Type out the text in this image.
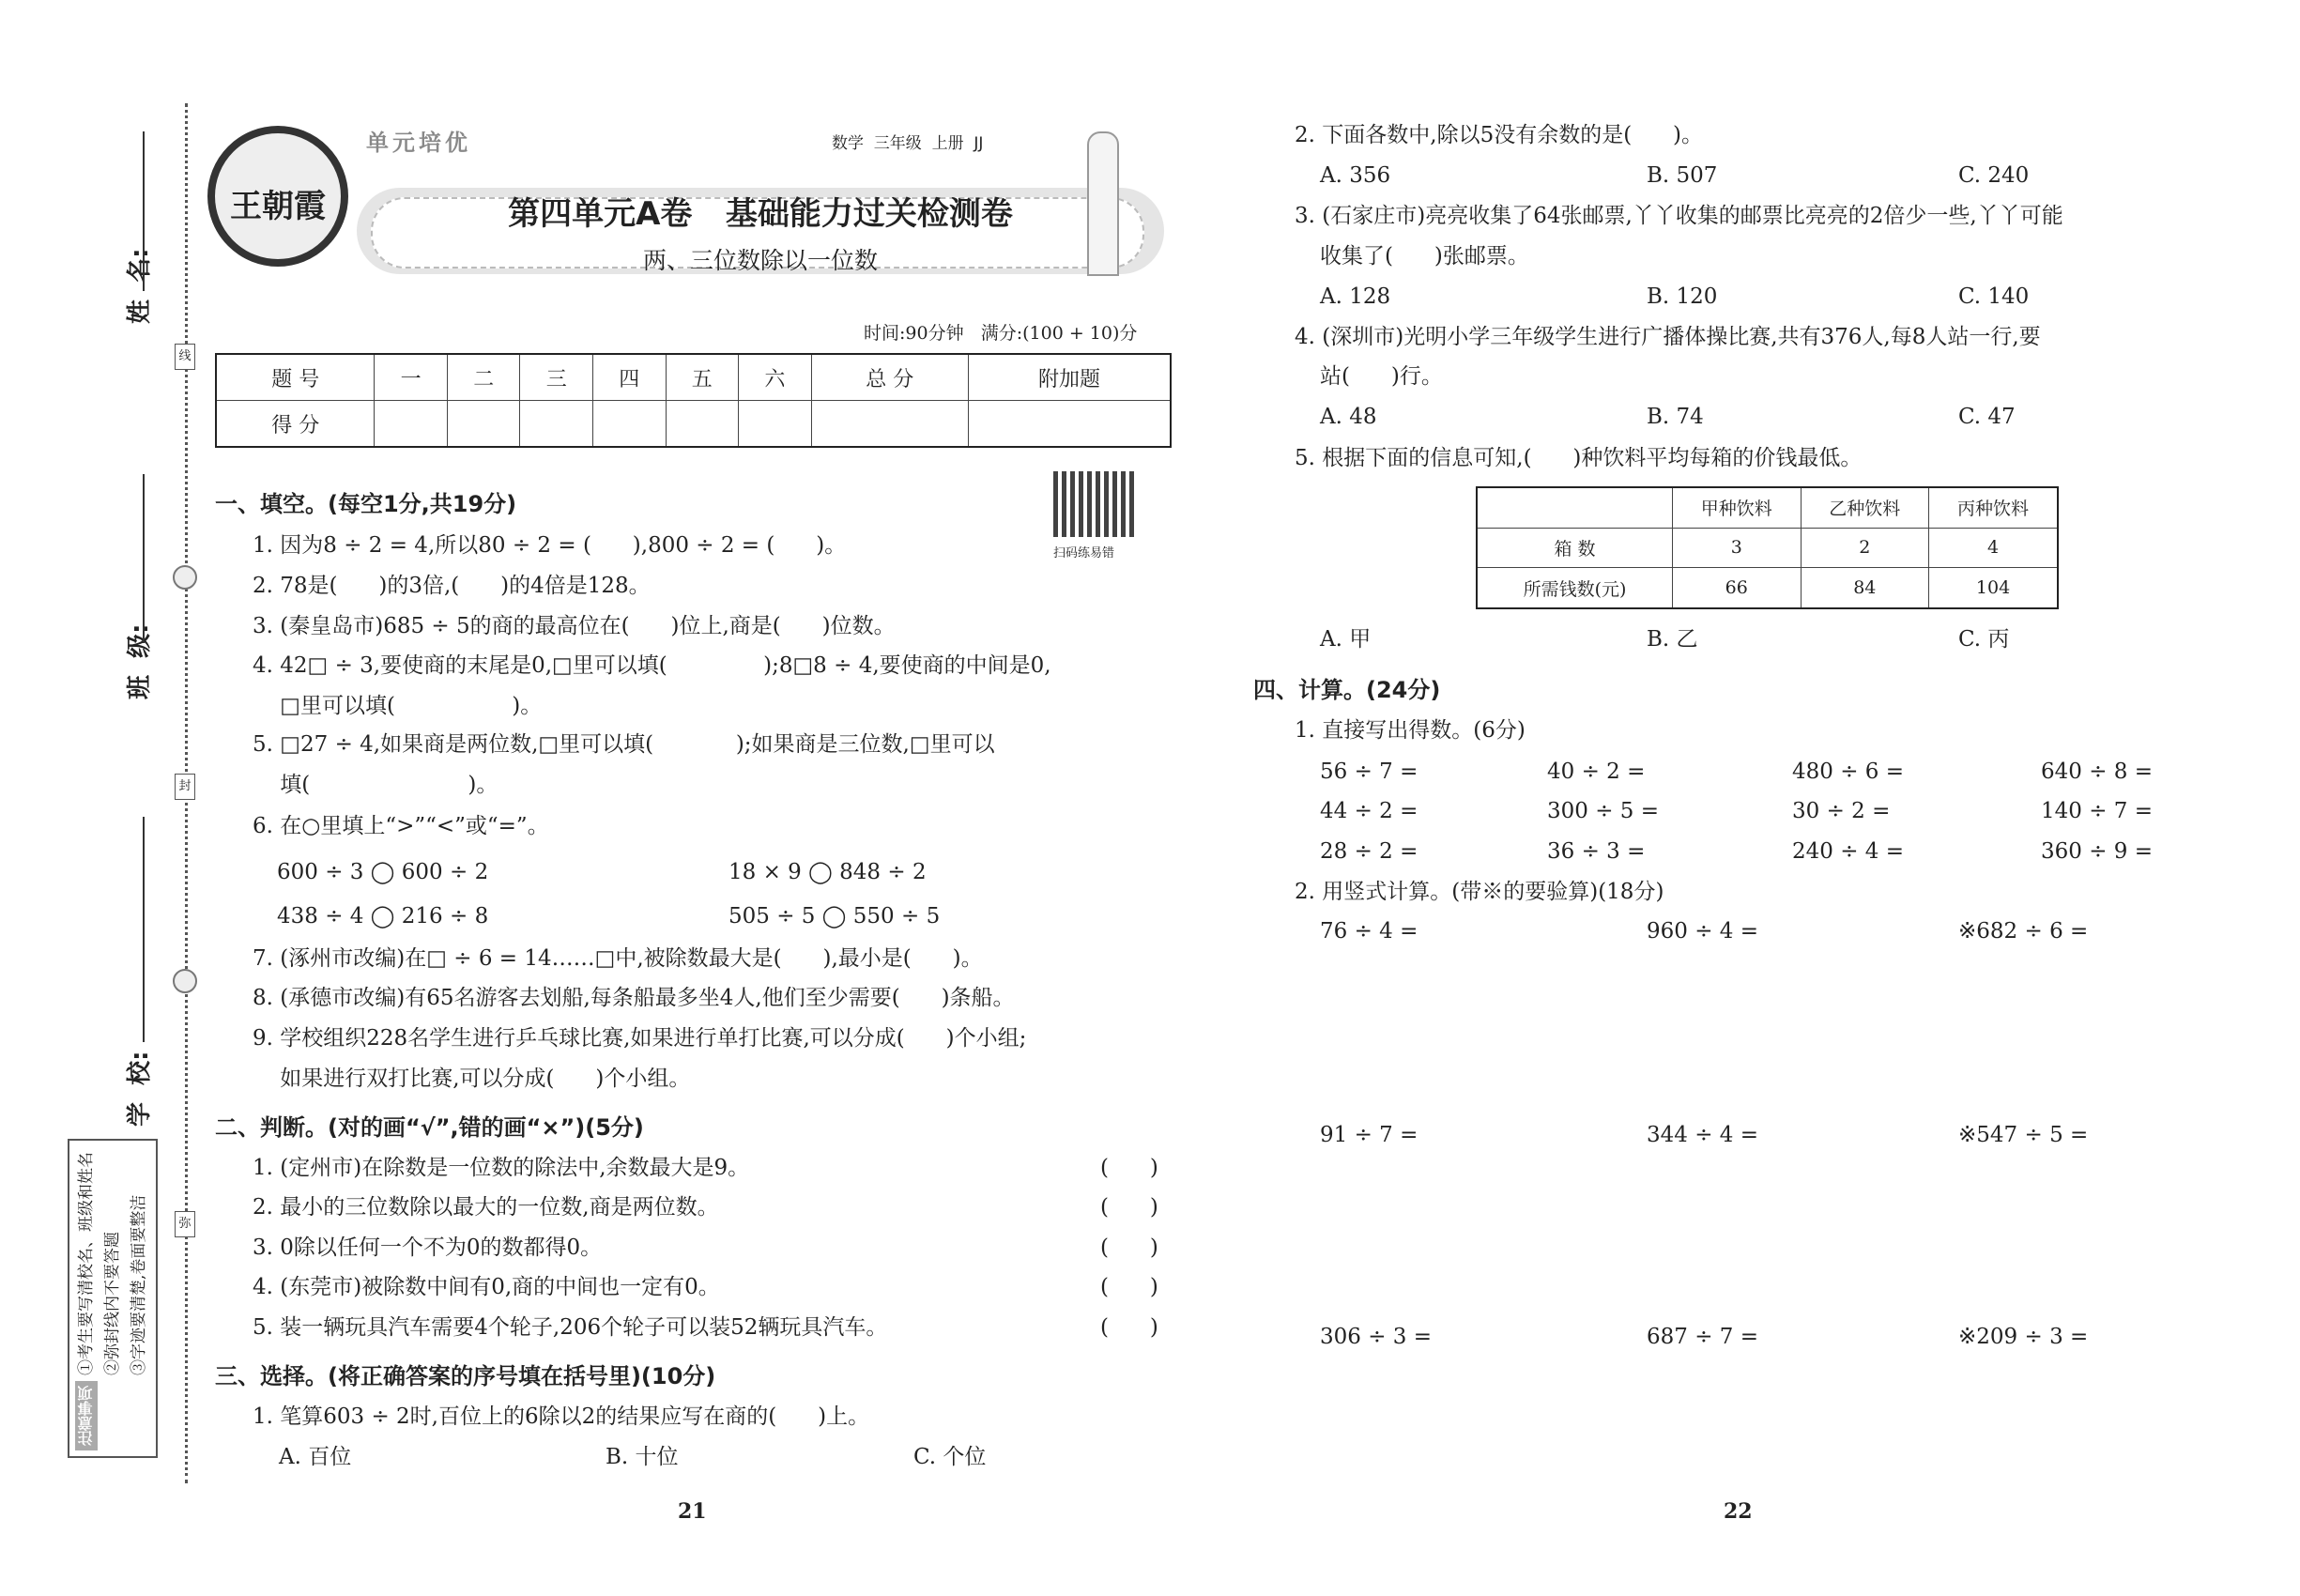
线
封
弥
姓  名:
班  级:
学  校:
①考生要写清校名、班级和姓名 ②弥封线内不要答题 ③字迹要清楚,卷面要整洁
注意事项
王朝霞
单元培优	数学  三年级  上册  JJ
第四单元A卷   基础能力过关检测卷
两、三位数除以一位数
时间:90分钟   满分:(100 + 10)分
题 号	一	二	三	四	五	六	总 分	附加题
得 分								
扫码练易错
一、填空。(每空1分,共19分)
1. 因为8 ÷ 2 = 4,所以80 ÷ 2 = (      ),800 ÷ 2 = (      )。
2. 78是(      )的3倍,(      )的4倍是128。
3. (秦皇岛市)685 ÷ 5的商的最高位在(      )位上,商是(      )位数。
4. 42□ ÷ 3,要使商的末尾是0,□里可以填(              );8□8 ÷ 4,要使商的中间是0,
□里可以填(                 )。
5. □27 ÷ 4,如果商是两位数,□里可以填(            );如果商是三位数,□里可以
填(                       )。
6. 在○里填上“>”“<”或“=”。
600 ÷ 3 ◯ 600 ÷ 2	18 × 9 ◯ 848 ÷ 2
438 ÷ 4 ◯ 216 ÷ 8	505 ÷ 5 ◯ 550 ÷ 5
7. (涿州市改编)在□ ÷ 6 = 14……□中,被除数最大是(      ),最小是(      )。
8. (承德市改编)有65名游客去划船,每条船最多坐4人,他们至少需要(      )条船。
9. 学校组织228名学生进行乒乓球比赛,如果进行单打比赛,可以分成(      )个小组;
如果进行双打比赛,可以分成(      )个小组。
二、判断。(对的画“√”,错的画“×”)(5分)
1. (定州市)在除数是一位数的除法中,余数最大是9。	(      )
2. 最小的三位数除以最大的一位数,商是两位数。	(      )
3. 0除以任何一个不为0的数都得0。	(      )
4. (东莞市)被除数中间有0,商的中间也一定有0。	(      )
5. 装一辆玩具汽车需要4个轮子,206个轮子可以装52辆玩具汽车。	(      )
三、选择。(将正确答案的序号填在括号里)(10分)
1. 笔算603 ÷ 2时,百位上的6除以2的结果应写在商的(      )上。
A. 百位	B. 十位	C. 个位
21
2. 下面各数中,除以5没有余数的是(      )。
A. 356	B. 507	C. 240
3. (石家庄市)亮亮收集了64张邮票,丫丫收集的邮票比亮亮的2倍少一些,丫丫可能
收集了(      )张邮票。
A. 128	B. 120	C. 140
4. (深圳市)光明小学三年级学生进行广播体操比赛,共有376人,每8人站一行,要
站(      )行。
A. 48	B. 74	C. 47
5. 根据下面的信息可知,(      )种饮料平均每箱的价钱最低。
	甲种饮料	乙种饮料	丙种饮料
箱 数	3	2	4
所需钱数(元)	66	84	104
A. 甲	B. 乙	C. 丙
四、计算。(24分)
1. 直接写出得数。(6分)
56 ÷ 7 =	40 ÷ 2 =	480 ÷ 6 =	640 ÷ 8 =
44 ÷ 2 =	300 ÷ 5 =	30 ÷ 2 =	140 ÷ 7 =
28 ÷ 2 =	36 ÷ 3 =	240 ÷ 4 =	360 ÷ 9 =
2. 用竖式计算。(带※的要验算)(18分)
76 ÷ 4 =	960 ÷ 4 =	※682 ÷ 6 =
91 ÷ 7 =	344 ÷ 4 =	※547 ÷ 5 =
306 ÷ 3 =	687 ÷ 7 =	※209 ÷ 3 =
22
